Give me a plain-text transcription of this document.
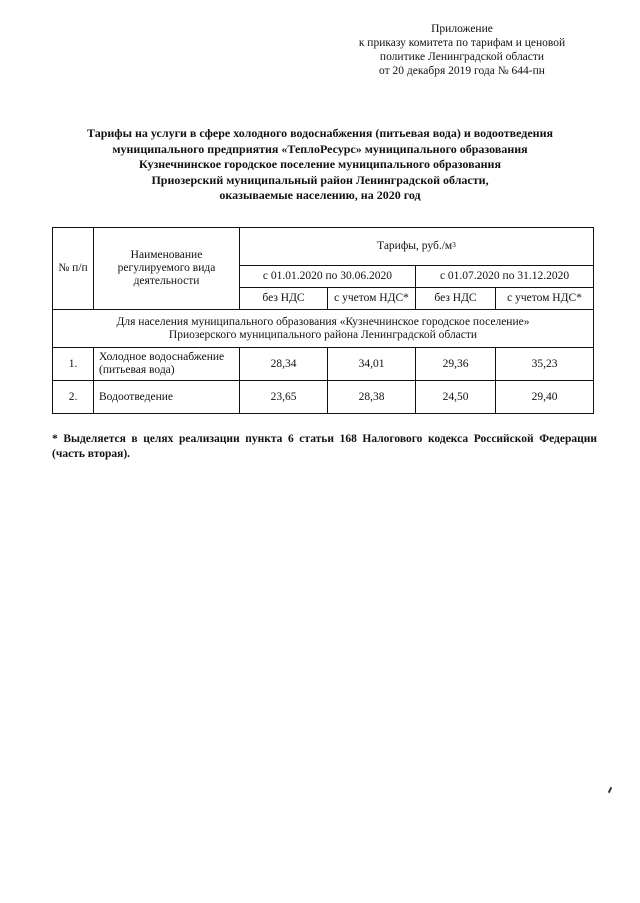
Приложение
к приказу комитета по тарифам и ценовой
политике Ленинградской области
от 20 декабря 2019 года № 644-пн
Тарифы на услуги в сфере холодного водоснабжения (питьевая вода) и водоотведения
муниципального предприятия «ТеплоРесурс» муниципального образования
Кузнечнинское городское поселение муниципального образования
Приозерский муниципальный район Ленинградской области,
оказываемые населению, на 2020 год
№ п/п	Наименование
регулируемого вида
деятельности	Тарифы, $руб./м^3$
		с 01.01.2020 по 30.06.2020		с 01.07.2020 по 31.12.2020	
		без НДС	с учетом НДС*	без НДС	с учетом НДС*

Для населения муниципального образования «Кузнечнинское городское поселение»
Приозерского муниципального района Ленинградской области					

1.	Холодное водоснабжение
(питьевая вода)	28,34	34,01	29,36	35,23
2.	Водоотведение	23,65	28,38	24,50	29,40
* Выделяется в целях реализации пункта 6 статьи 168 Налогового кодекса Российской Федерации (часть вторая).
